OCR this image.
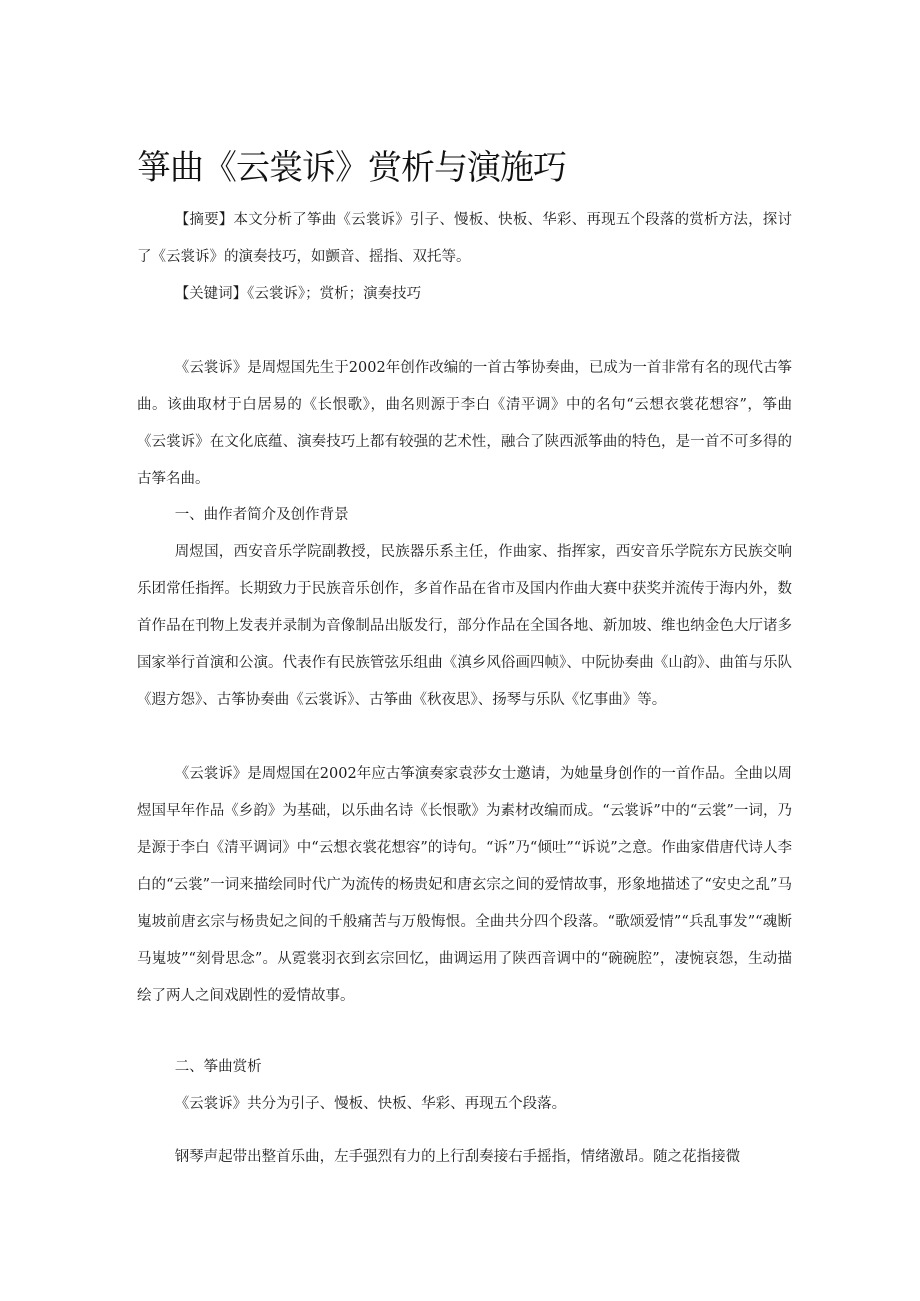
箏曲《云裳诉》赏析与演施巧

【摘要】本文分析了筝曲《云裳诉》引子、慢板、快板、华彩、再现五个段落的赏析方法，探讨了《云裳诉》的演奏技巧，如颤音、摇指、双托等。

【关键词】《云裳诉》；赏析；演奏技巧

《云裳诉》是周煜国先生于2002年创作改编的一首古筝协奏曲，已成为一首非常有名的现代古筝曲。该曲取材于白居易的《长恨歌》，曲名则源于李白《清平调》中的名句“云想衣裳花想容”，筝曲《云裳诉》在文化底蕴、演奏技巧上都有较强的艺术性，融合了陕西派筝曲的特色，是一首不可多得的古筝名曲。

一、曲作者简介及创作背景

周煜国，西安音乐学院副教授，民族器乐系主任，作曲家、指挥家，西安音乐学院东方民族交响乐团常任指挥。长期致力于民族音乐创作，多首作品在省市及国内作曲大赛中获奖并流传于海内外，数首作品在刊物上发表并录制为音像制品出版发行，部分作品在全国各地、新加坡、维也纳金色大厅诸多国家举行首演和公演。代表作有民族管弦乐组曲《滇乡风俗画四帧》、中阮协奏曲《山韵》、曲笛与乐队《遐方怨》、古筝协奏曲《云裳诉》、古筝曲《秋夜思》、扬琴与乐队《忆事曲》等。

《云裳诉》是周煜国在2002年应古筝演奏家袁莎女士邀请，为她量身创作的一首作品。全曲以周煜国早年作品《乡韵》为基础，以乐曲名诗《长恨歌》为素材改编而成。“云裳诉”中的“云裳”一词，乃是源于李白《清平调词》中“云想衣裳花想容”的诗句。“诉”乃“倾吐”“诉说”之意。作曲家借唐代诗人李白的“云裳”一词来描绘同时代广为流传的杨贵妃和唐玄宗之间的爱情故事，形象地描述了“安史之乱”马嵬坡前唐玄宗与杨贵妃之间的千般痛苦与万般悔恨。全曲共分四个段落。“歌颂爱情”“兵乱事发”“魂断马嵬坡”“刻骨思念”。从霓裳羽衣到玄宗回忆，曲调运用了陕西音调中的“碗碗腔”，凄惋哀怨，生动描绘了两人之间戏剧性的爱情故事。

二、筝曲赏析

《云裳诉》共分为引子、慢板、快板、华彩、再现五个段落。

钢琴声起带出整首乐曲，左手强烈有力的上行刮奏接右手摇指，情绪激昂。随之花指接微
